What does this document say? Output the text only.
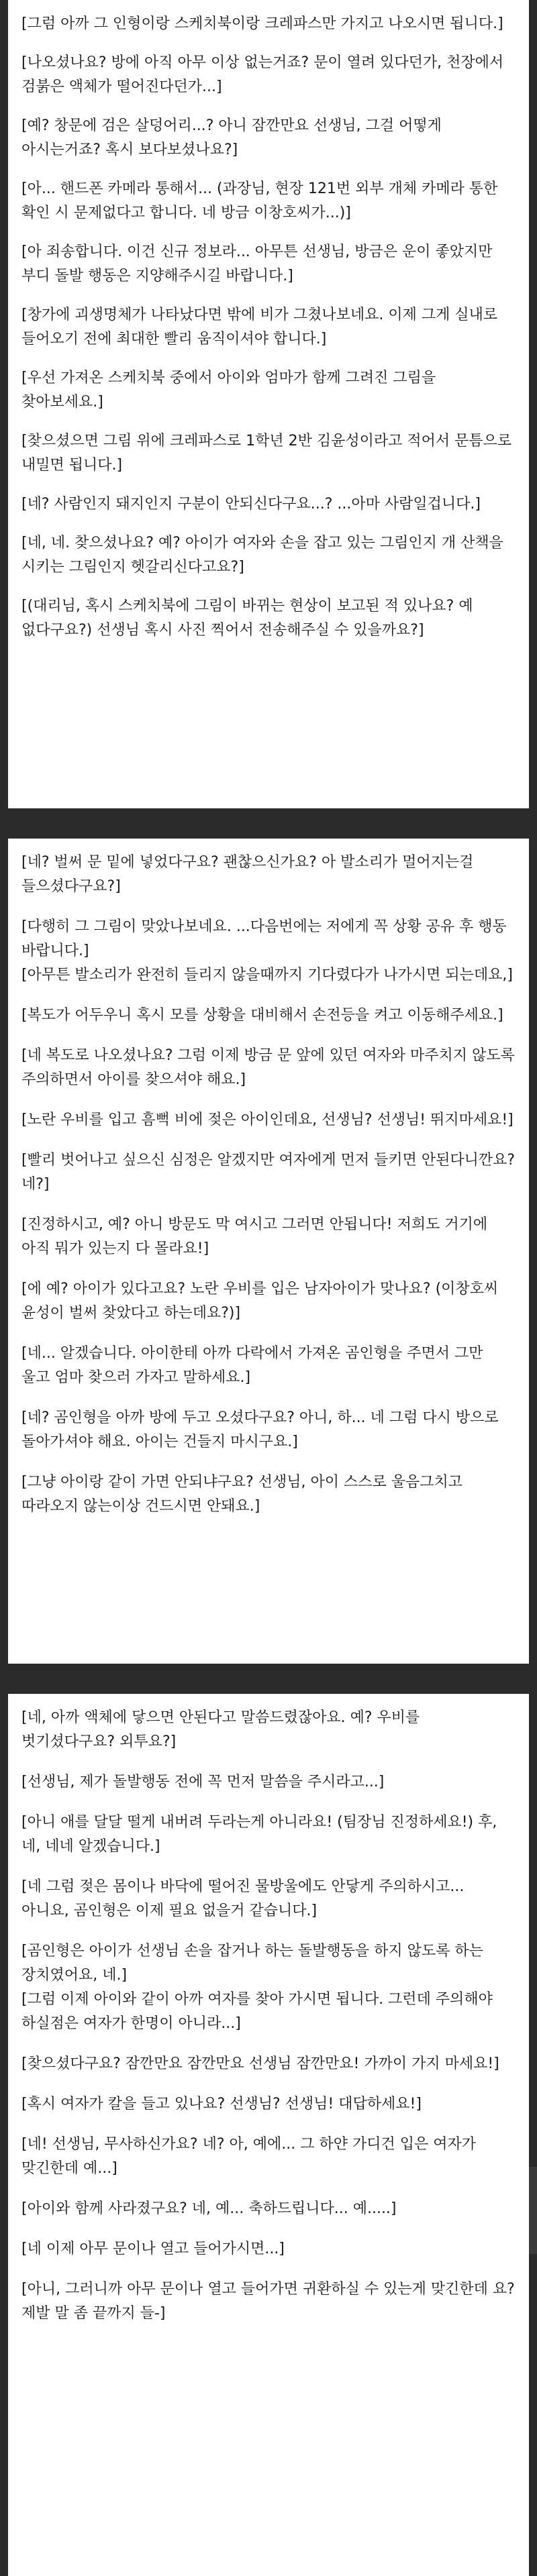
[그럼 아까 그 인형이랑 스케치북이랑 크레파스만 가지고 나오시면 됩니다.]

[나오셨나요? 방에 아직 아무 이상 없는거죠? 문이 열려 있다던가, 천장에서 검붉은 액체가 떨어진다던가...]

[예? 창문에 검은 살덩어리...? 아니 잠깐만요 선생님, 그걸 어떻게 아시는거죠? 혹시 보다보셨나요?]

[아... 핸드폰 카메라 통해서... (과장님, 현장 121번 외부 개체 카메라 통한 확인 시 문제없다고 합니다. 네 방금 이창호씨가...)]

[아 죄송합니다. 이건 신규 정보라... 아무튼 선생님, 방금은 운이 좋았지만 부디 돌발 행동은 지양해주시길 바랍니다.]

[창가에 괴생명체가 나타났다면 밖에 비가 그쳤나보네요. 이제 그게 실내로 들어오기 전에 최대한 빨리 움직이셔야 합니다.]

[우선 가져온 스케치북 중에서 아이와 엄마가 함께 그려진 그림을 찾아보세요.]

[찾으셨으면 그림 위에 크레파스로 1학년 2반 김윤성이라고 적어서 문틈으로 내밀면 됩니다.]

[네? 사람인지 돼지인지 구분이 안되신다구요...? ...아마 사람일겁니다.]

[네, 네. 찾으셨나요? 예? 아이가 여자와 손을 잡고 있는 그림인지 개 산책을 시키는 그림인지 헷갈리신다고요?]

[(대리님, 혹시 스케치북에 그림이 바뀌는 현상이 보고된 적 있나요? 예 없다구요?) 선생님 혹시 사진 찍어서 전송해주실 수 있을까요?]

[네? 벌써 문 밑에 넣었다구요? 괜찮으신가요? 아 발소리가 멀어지는걸 들으셨다구요?]

[다행히 그 그림이 맞았나보네요. ...다음번에는 저에게 꼭 상황 공유 후 행동 바랍니다.]
[아무튼 발소리가 완전히 들리지 않을때까지 기다렸다가 나가시면 되는데요,]

[복도가 어두우니 혹시 모를 상황을 대비해서 손전등을 켜고 이동해주세요.]

[네 복도로 나오셨나요? 그럼 이제 방금 문 앞에 있던 여자와 마주치지 않도록 주의하면서 아이를 찾으셔야 해요.]

[노란 우비를 입고 흠뻑 비에 젖은 아이인데요, 선생님? 선생님! 뛰지마세요!]

[빨리 벗어나고 싶으신 심정은 알겠지만 여자에게 먼저 들키면 안된다니깐요? 네?]

[진정하시고, 예? 아니 방문도 막 여시고 그러면 안됩니다! 저희도 거기에 아직 뭐가 있는지 다 몰라요!]

[에 예? 아이가 있다고요? 노란 우비를 입은 남자아이가 맞나요? (이창호씨 윤성이 벌써 찾았다고 하는데요?)]

[네... 알겠습니다. 아이한테 아까 다락에서 가져온 곰인형을 주면서 그만 울고 엄마 찾으러 가자고 말하세요.]

[네? 곰인형을 아까 방에 두고 오셨다구요? 아니, 하... 네 그럼 다시 방으로 돌아가셔야 해요. 아이는 건들지 마시구요.]

[그냥 아이랑 같이 가면 안되냐구요? 선생님, 아이 스스로 울음그치고 따라오지 않는이상 건드시면 안돼요.]

[네, 아까 액체에 닿으면 안된다고 말씀드렸잖아요. 예? 우비를 벗기셨다구요? 외투요?]

[선생님, 제가 돌발행동 전에 꼭 먼저 말씀을 주시라고...]

[아니 애를 달달 떨게 내버려 두라는게 아니라요! (팀장님 진정하세요!) 후, 네, 네네 알겠습니다.]

[네 그럼 젖은 몸이나 바닥에 떨어진 물방울에도 안닿게 주의하시고... 아니요, 곰인형은 이제 필요 없을거 같습니다.]

[곰인형은 아이가 선생님 손을 잡거나 하는 돌발행동을 하지 않도록 하는 장치였어요, 네.]
[그럼 이제 아이와 같이 아까 여자를 찾아 가시면 됩니다. 그런데 주의해야 하실점은 여자가 한명이 아니라...]

[찾으셨다구요? 잠깐만요 잠깐만요 선생님 잠깐만요! 가까이 가지 마세요!]

[혹시 여자가 칼을 들고 있나요? 선생님? 선생님! 대답하세요!]

[네! 선생님, 무사하신가요? 네? 아, 예에... 그 하얀 가디건 입은 여자가 맞긴한데 예...]

[아이와 함께 사라졌구요? 네, 예... 축하드립니다... 예.....]

[네 이제 아무 문이나 열고 들어가시면...]

[아니, 그러니까 아무 문이나 열고 들어가면 귀환하실 수 있는게 맞긴한데 요? 제발 말 좀 끝까지 들-]
